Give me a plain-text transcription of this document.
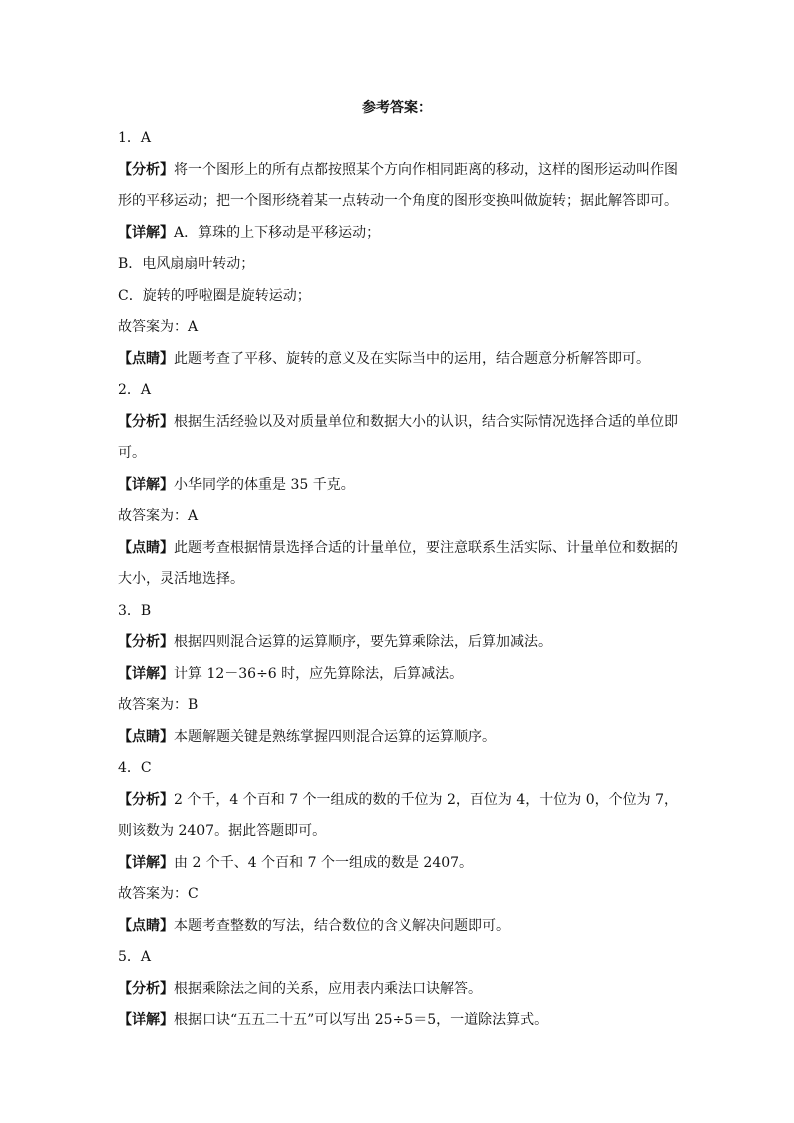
参考答案：
1．A
【分析】将一个图形上的所有点都按照某个方向作相同距离的移动，这样的图形运动叫作图形的平移运动；把一个图形绕着某一点转动一个角度的图形变换叫做旋转；据此解答即可。
【详解】A．算珠的上下移动是平移运动；
B．电风扇扇叶转动；
C．旋转的呼啦圈是旋转运动；
故答案为：A
【点睛】此题考查了平移、旋转的意义及在实际当中的运用，结合题意分析解答即可。
2．A
【分析】根据生活经验以及对质量单位和数据大小的认识，结合实际情况选择合适的单位即可。
【详解】小华同学的体重是 35 千克。
故答案为：A
【点睛】此题考查根据情景选择合适的计量单位，要注意联系生活实际、计量单位和数据的大小，灵活地选择。
3．B
【分析】根据四则混合运算的运算顺序，要先算乘除法，后算加减法。
【详解】计算 12－36÷6 时，应先算除法，后算减法。
故答案为：B
【点睛】本题解题关键是熟练掌握四则混合运算的运算顺序。
4．C
【分析】2 个千，4 个百和 7 个一组成的数的千位为 2，百位为 4，十位为 0，个位为 7，则该数为 2407。据此答题即可。
【详解】由 2 个千、4 个百和 7 个一组成的数是 2407。
故答案为：C
【点睛】本题考查整数的写法，结合数位的含义解决问题即可。
5．A
【分析】根据乘除法之间的关系，应用表内乘法口诀解答。
【详解】根据口诀“五五二十五”可以写出 25÷5＝5，一道除法算式。
